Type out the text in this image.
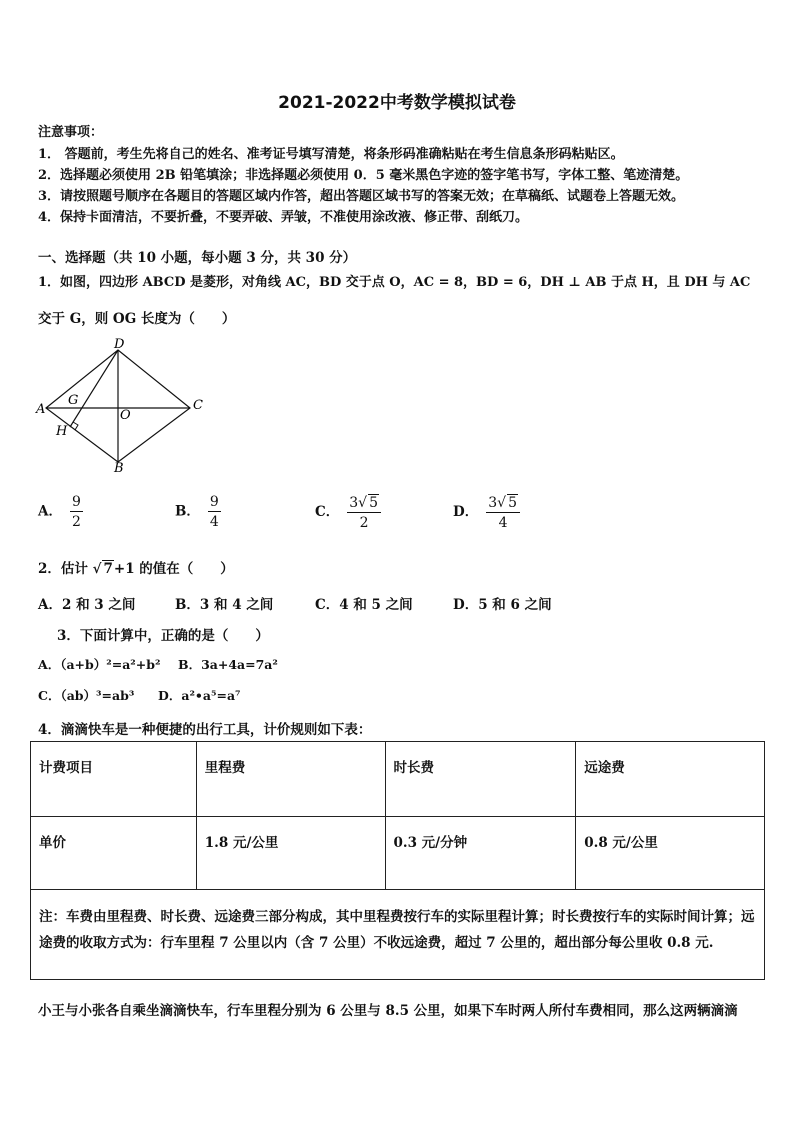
2021-2022中考数学模拟试卷
注意事项：
1． 答题前，考生先将自己的姓名、准考证号填写清楚，将条形码准确粘贴在考生信息条形码粘贴区。
2．选择题必须使用 2B 铅笔填涂；非选择题必须使用 0．5 毫米黑色字迹的签字笔书写，字体工整、笔迹清楚。
3．请按照题号顺序在各题目的答题区域内作答，超出答题区域书写的答案无效；在草稿纸、试题卷上答题无效。
4．保持卡面清洁，不要折叠，不要弄破、弄皱，不准使用涂改液、修正带、刮纸刀。
一、选择题（共 10 小题，每小题 3 分，共 30 分）
1．如图，四边形 ABCD 是菱形，对角线 AC，BD 交于点 O，AC = 8，BD = 6，DH ⊥ AB 于点 H，且 DH 与 AC
交于 G，则 OG 长度为（　　）
D
A
G
O
C
H
B
A． $\frac{9}{2}$	B． $\frac{9}{4}$	C． $\frac{3√ 5}{2}$	D． $\frac{3√ 5}{4}$
2．估计 √ 7+1 的值在（　　）
A．2 和 3 之间	B．3 和 4 之间	C．4 和 5 之间	D．5 和 6 之间
3．下面计算中，正确的是（　　）
A．（a+b）²=a²+b² B．3a+4a=7a²
C．（ab）³=ab³ D．a²•a⁵=a⁷
4．滴滴快车是一种便捷的出行工具，计价规则如下表：
计费项目	里程费	时长费	远途费
单价	1.8 元/公里	0.3 元/分钟	0.8 元/公里
注：车费由里程费、时长费、远途费三部分构成，其中里程费按行车的实际里程计算；时长费按行车的实际时间计算；远途费的收取方式为：行车里程 7 公里以内（含 7 公里）不收远途费，超过 7 公里的，超出部分每公里收 0.8 元.			
小王与小张各自乘坐滴滴快车，行车里程分别为 6 公里与 8.5 公里，如果下车时两人所付车费相同，那么这两辆滴滴
